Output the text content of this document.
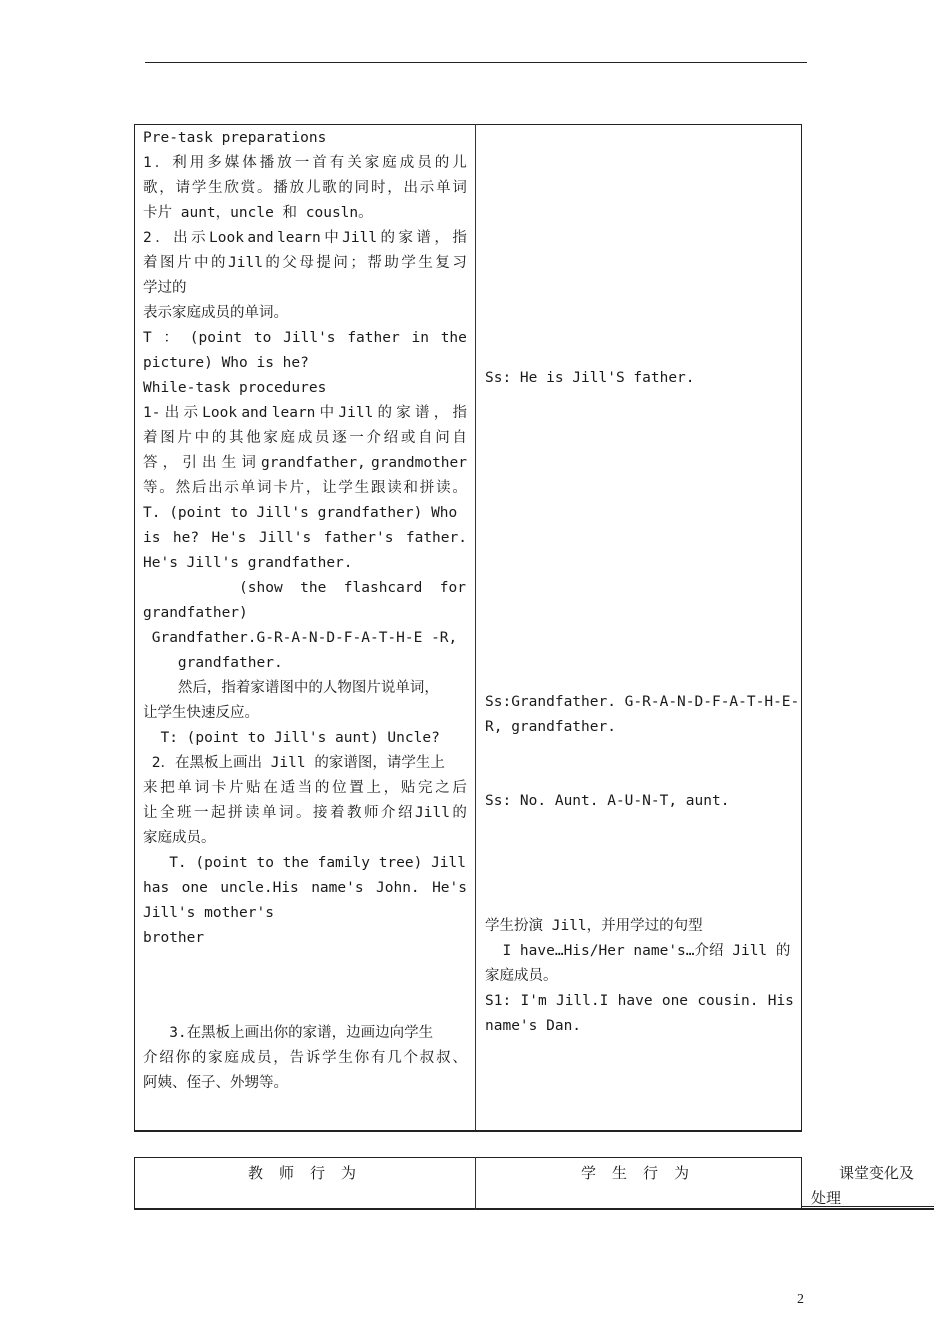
Pre-task preparations
1 ． 利 用 多 媒 体 播 放 一 首 有 关 家 庭 成 员 的 儿
歌 ， 请 学 生 欣 赏 。 播 放 儿 歌 的 同 时 ， 出 示 单 词
卡片 aunt，uncle 和 cousln。
2 ． 出 示 Look and learn 中 Jill 的 家 谱 ， 指
着 图 片 中 的 Jill 的 父 母 提 问 ； 帮 助 学 生 复 习
学过的
表示家庭成员的单词。
T ： (point to Jill's father in the
picture) Who is he?
While-task procedures
1- 出 示 Look and learn 中 Jill 的 家 谱 ， 指
着 图 片 中 的 其 他 家 庭 成 员 逐 一 介 绍 或 自 问 自
答 ， 引 出 生 词 grandfather, grandmother
等 。 然 后 出 示 单 词 卡 片 ， 让 学 生 跟 读 和 拼 读 。
T. (point to Jill's grandfather) Who
is he? He's Jill's father's father.
He's Jill's grandfather.
(show  the  flashcard  for
grandfather)
Grandfather.G-R-A-N-D-F-A-T-H-E -R,
grandfather.
然后，指着家谱图中的人物图片说单词，
让学生快速反应。
T: (point to Jill's aunt) Uncle?
2．在黑板上画出 Jill 的家谱图，请学生上
来 把 单 词 卡 片 贴 在 适 当 的 位 置 上 ， 贴 完 之 后
让 全 班 一 起 拼 读 单 词 。 接 着 教 师 介 绍 Jill 的
家庭成员。
T. (point to the family tree) Jill
has one uncle.His name's John. He's
Jill's mother's
brother
3.在黑板上画出你的家谱，边画边向学生
介 绍 你 的 家 庭 成 员 ， 告 诉 学 生 你 有 几 个 叔 叔 、
阿姨、侄子、外甥等。
Ss: He is Jill'S father.
Ss:Grandfather. G-R-A-N-D-F-A-T-H-E-
R, grandfather.
Ss: No. Aunt. A-U-N-T, aunt.
学生扮演 Jill，并用学过的句型
I have…His/Her name's…介绍 Jill 的
家庭成员。
S1: I'm Jill.I have one cousin. His
name's Dan.
教师行为	学生行为	课堂变化及
处理
2
